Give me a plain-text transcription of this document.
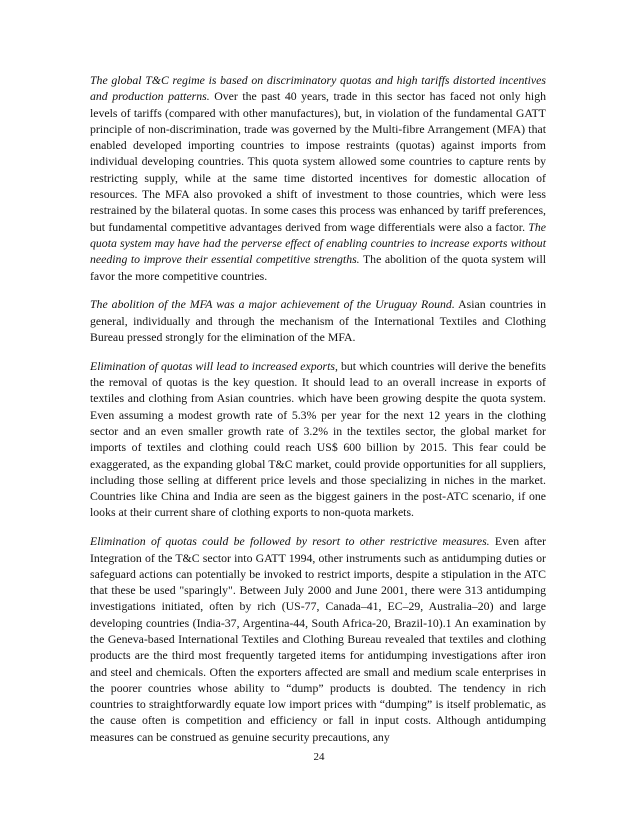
The global T&C regime is based on discriminatory quotas and high tariffs distorted incentives and production patterns. Over the past 40 years, trade in this sector has faced not only high levels of tariffs (compared with other manufactures), but, in violation of the fundamental GATT principle of non-discrimination, trade was governed by the Multi-fibre Arrangement (MFA) that enabled developed importing countries to impose restraints (quotas) against imports from individual developing countries. This quota system allowed some countries to capture rents by restricting supply, while at the same time distorted incentives for domestic allocation of resources. The MFA also provoked a shift of investment to those countries, which were less restrained by the bilateral quotas. In some cases this process was enhanced by tariff preferences, but fundamental competitive advantages derived from wage differentials were also a factor. The quota system may have had the perverse effect of enabling countries to increase exports without needing to improve their essential competitive strengths. The abolition of the quota system will favor the more competitive countries.

The abolition of the MFA was a major achievement of the Uruguay Round. Asian countries in general, individually and through the mechanism of the International Textiles and Clothing Bureau pressed strongly for the elimination of the MFA.

Elimination of quotas will lead to increased exports, but which countries will derive the benefits the removal of quotas is the key question. It should lead to an overall increase in exports of textiles and clothing from Asian countries. which have been growing despite the quota system. Even assuming a modest growth rate of 5.3% per year for the next 12 years in the clothing sector and an even smaller growth rate of 3.2% in the textiles sector, the global market for imports of textiles and clothing could reach US$ 600 billion by 2015. This fear could be exaggerated, as the expanding global T&C market, could provide opportunities for all suppliers, including those selling at different price levels and those specializing in niches in the market. Countries like China and India are seen as the biggest gainers in the post-ATC scenario, if one looks at their current share of clothing exports to non-quota markets.

Elimination of quotas could be followed by resort to other restrictive measures. Even after Integration of the T&C sector into GATT 1994, other instruments such as antidumping duties or safeguard actions can potentially be invoked to restrict imports, despite a stipulation in the ATC that these be used "sparingly". Between July 2000 and June 2001, there were 313 antidumping investigations initiated, often by rich (US-77, Canada–41, EC–29, Australia–20) and large developing countries (India-37, Argentina-44, South Africa-20, Brazil-10).1 An examination by the Geneva-based International Textiles and Clothing Bureau revealed that textiles and clothing products are the third most frequently targeted items for antidumping investigations after iron and steel and chemicals. Often the exporters affected are small and medium scale enterprises in the poorer countries whose ability to “dump” products is doubted. The tendency in rich countries to straightforwardly equate low import prices with “dumping” is itself problematic, as the cause often is competition and efficiency or fall in input costs. Although antidumping measures can be construed as genuine security precautions, any

24
